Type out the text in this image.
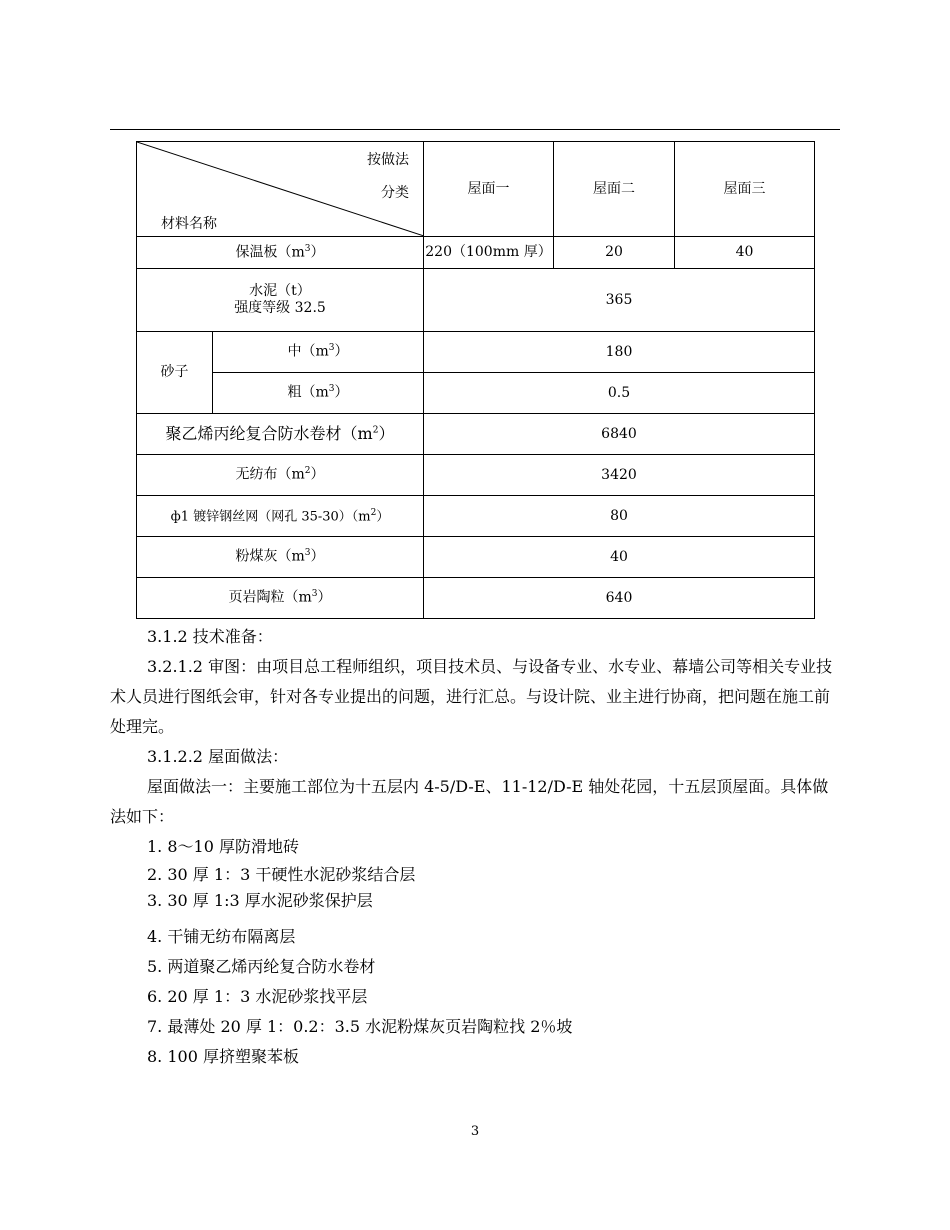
按做法
分类
材料名称		屋面一	屋面二	屋面三
保温板$(m^3)$		220（100mm 厚）	20	40

水泥（t）
强度等级 32.5		365		
砂子	中$(m^3)$	180		
	粗$(m^3)$	0.5		
聚乙烯丙纶复合防水卷材$(m^2)$		6840		
无纺布$(m^2)$		3420		
ф1 镀锌钢丝网（网孔 $35-30)(m^2)$		80		
粉煤灰$(m^3)$		40		
页岩陶粒$(m^3)$		640		

3.1.2 技术准备：

3.2.1.2 审图：由项目总工程师组织，项目技术员、与设备专业、水专业、幕墙公司等相关专业技术人员进行图纸会审，针对各专业提出的问题，进行汇总。与设计院、业主进行协商，把问题在施工前处理完。

3.1.2.2 屋面做法：

屋面做法一：主要施工部位为十五层内 4-5/D-E、11-12/D-E 轴处花园，十五层顶屋面。具体做法如下：

1. 8～10 厚防滑地砖

2. 30 厚 1：3 干硬性水泥砂浆结合层

3. 30 厚 1:3 厚水泥砂浆保护层

4. 干铺无纺布隔离层

5. 两道聚乙烯丙纶复合防水卷材

6. 20 厚 1：3 水泥砂浆找平层

7. 最薄处 20 厚 1：0.2：3.5 水泥粉煤灰页岩陶粒找 2％坡

8. 100 厚挤塑聚苯板

3
